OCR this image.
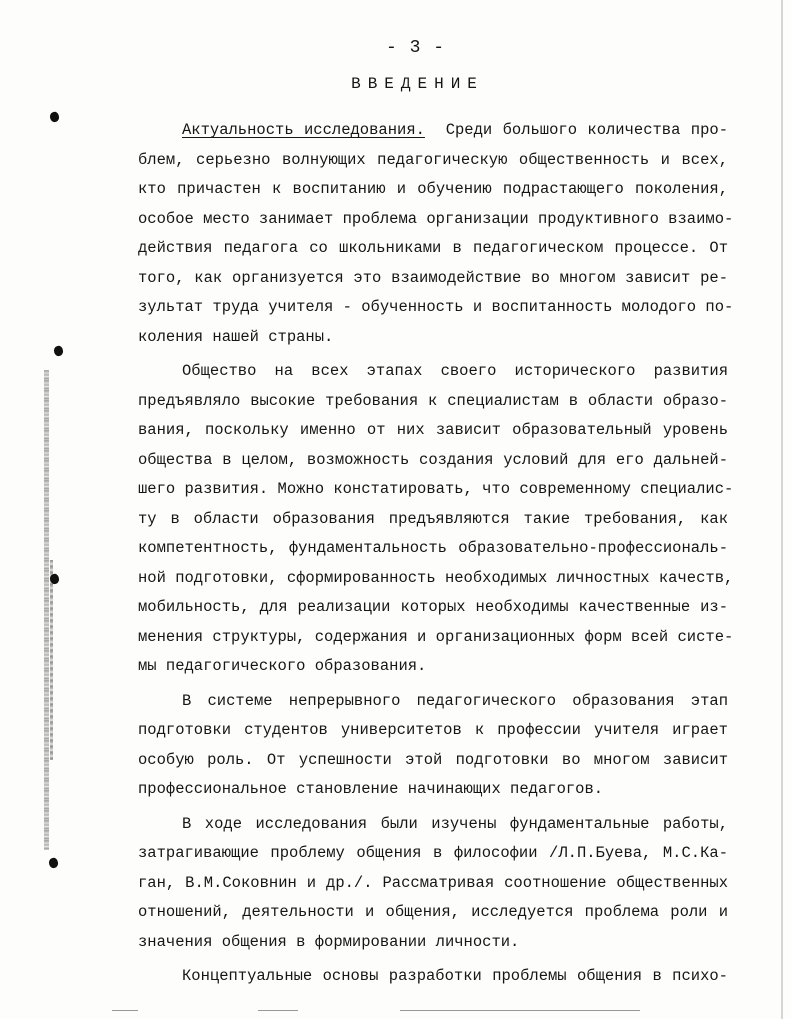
- 3 -
ВВЕДЕНИЕ
Актуальность исследования.  Среди большого количества про-
блем, серьезно волнующих педагогическую общественность и всех,
кто причастен к воспитанию и обучению подрастающего поколения,
особое место занимает проблема организации продуктивного взаимо-
действия педагога со школьниками в педагогическом процессе. От
того, как организуется это взаимодействие во многом зависит ре-
зультат труда учителя - обученность и воспитанность молодого по-
коления нашей страны.
Общество на всех этапах своего исторического развития
предъявляло высокие требования к специалистам в области образо-
вания, поскольку именно от них зависит образовательный уровень
общества в целом, возможность создания условий для его дальней-
шего развития. Можно констатировать, что современному специалис-
ту в области образования предъявляются такие требования, как
компетентность, фундаментальность образовательно-профессиональ-
ной подготовки, сформированность необходимых личностных качеств,
мобильность, для реализации которых необходимы качественные из-
менения структуры, содержания и организационных форм всей систе-
мы педагогического образования.
В системе непрерывного педагогического образования этап
подготовки студентов университетов к профессии учителя играет
особую роль. От успешности этой подготовки во многом зависит
профессиональное становление начинающих педагогов.
В ходе исследования были изучены фундаментальные работы,
затрагивающие проблему общения в философии /Л.П.Буева, М.С.Ка-
ган, В.М.Соковнин и др./. Рассматривая соотношение общественных
отношений, деятельности и общения, исследуется проблема роли и
значения общения в формировании личности.
Концептуальные основы разработки проблемы общения в психо-
